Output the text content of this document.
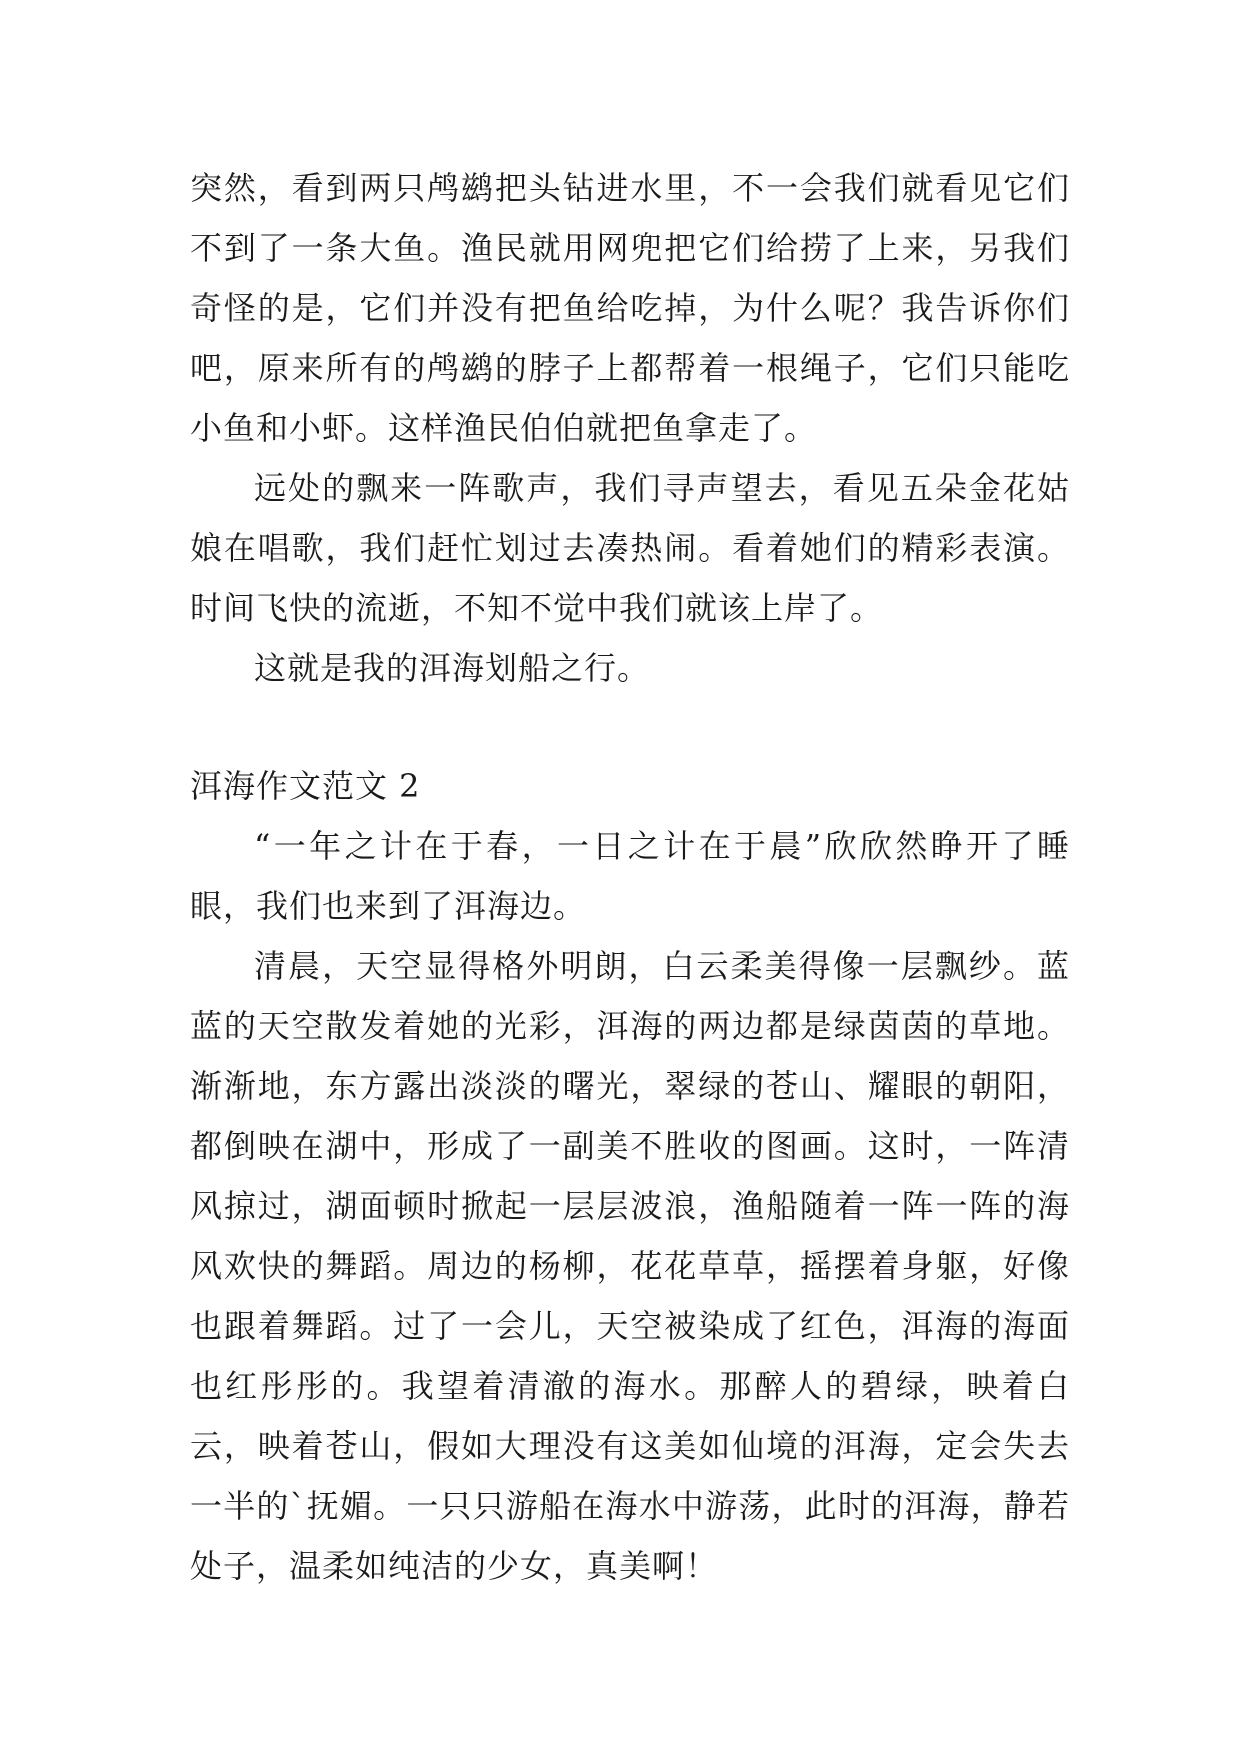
突然，看到两只鸬鹚把头钻进水里，不一会我们就看见它们不到了一条大鱼。渔民就用网兜把它们给捞了上来，另我们奇怪的是，它们并没有把鱼给吃掉，为什么呢？我告诉你们吧，原来所有的鸬鹚的脖子上都帮着一根绳子，它们只能吃小鱼和小虾。这样渔民伯伯就把鱼拿走了。

远处的飘来一阵歌声，我们寻声望去，看见五朵金花姑娘在唱歌，我们赶忙划过去凑热闹。看着她们的精彩表演。时间飞快的流逝，不知不觉中我们就该上岸了。

这就是我的洱海划船之行。

洱海作文范文 2

“一年之计在于春，一日之计在于晨”欣欣然睁开了睡眼，我们也来到了洱海边。

清晨，天空显得格外明朗，白云柔美得像一层飘纱。蓝蓝的天空散发着她的光彩，洱海的两边都是绿茵茵的草地。渐渐地，东方露出淡淡的曙光，翠绿的苍山、耀眼的朝阳，都倒映在湖中，形成了一副美不胜收的图画。这时，一阵清风掠过，湖面顿时掀起一层层波浪，渔船随着一阵一阵的海风欢快的舞蹈。周边的杨柳，花花草草，摇摆着身躯，好像也跟着舞蹈。过了一会儿，天空被染成了红色，洱海的海面也红彤彤的。我望着清澈的海水。那醉人的碧绿，映着白云，映着苍山，假如大理没有这美如仙境的洱海，定会失去一半的`抚媚。一只只游船在海水中游荡，此时的洱海，静若处子，温柔如纯洁的少女，真美啊！
